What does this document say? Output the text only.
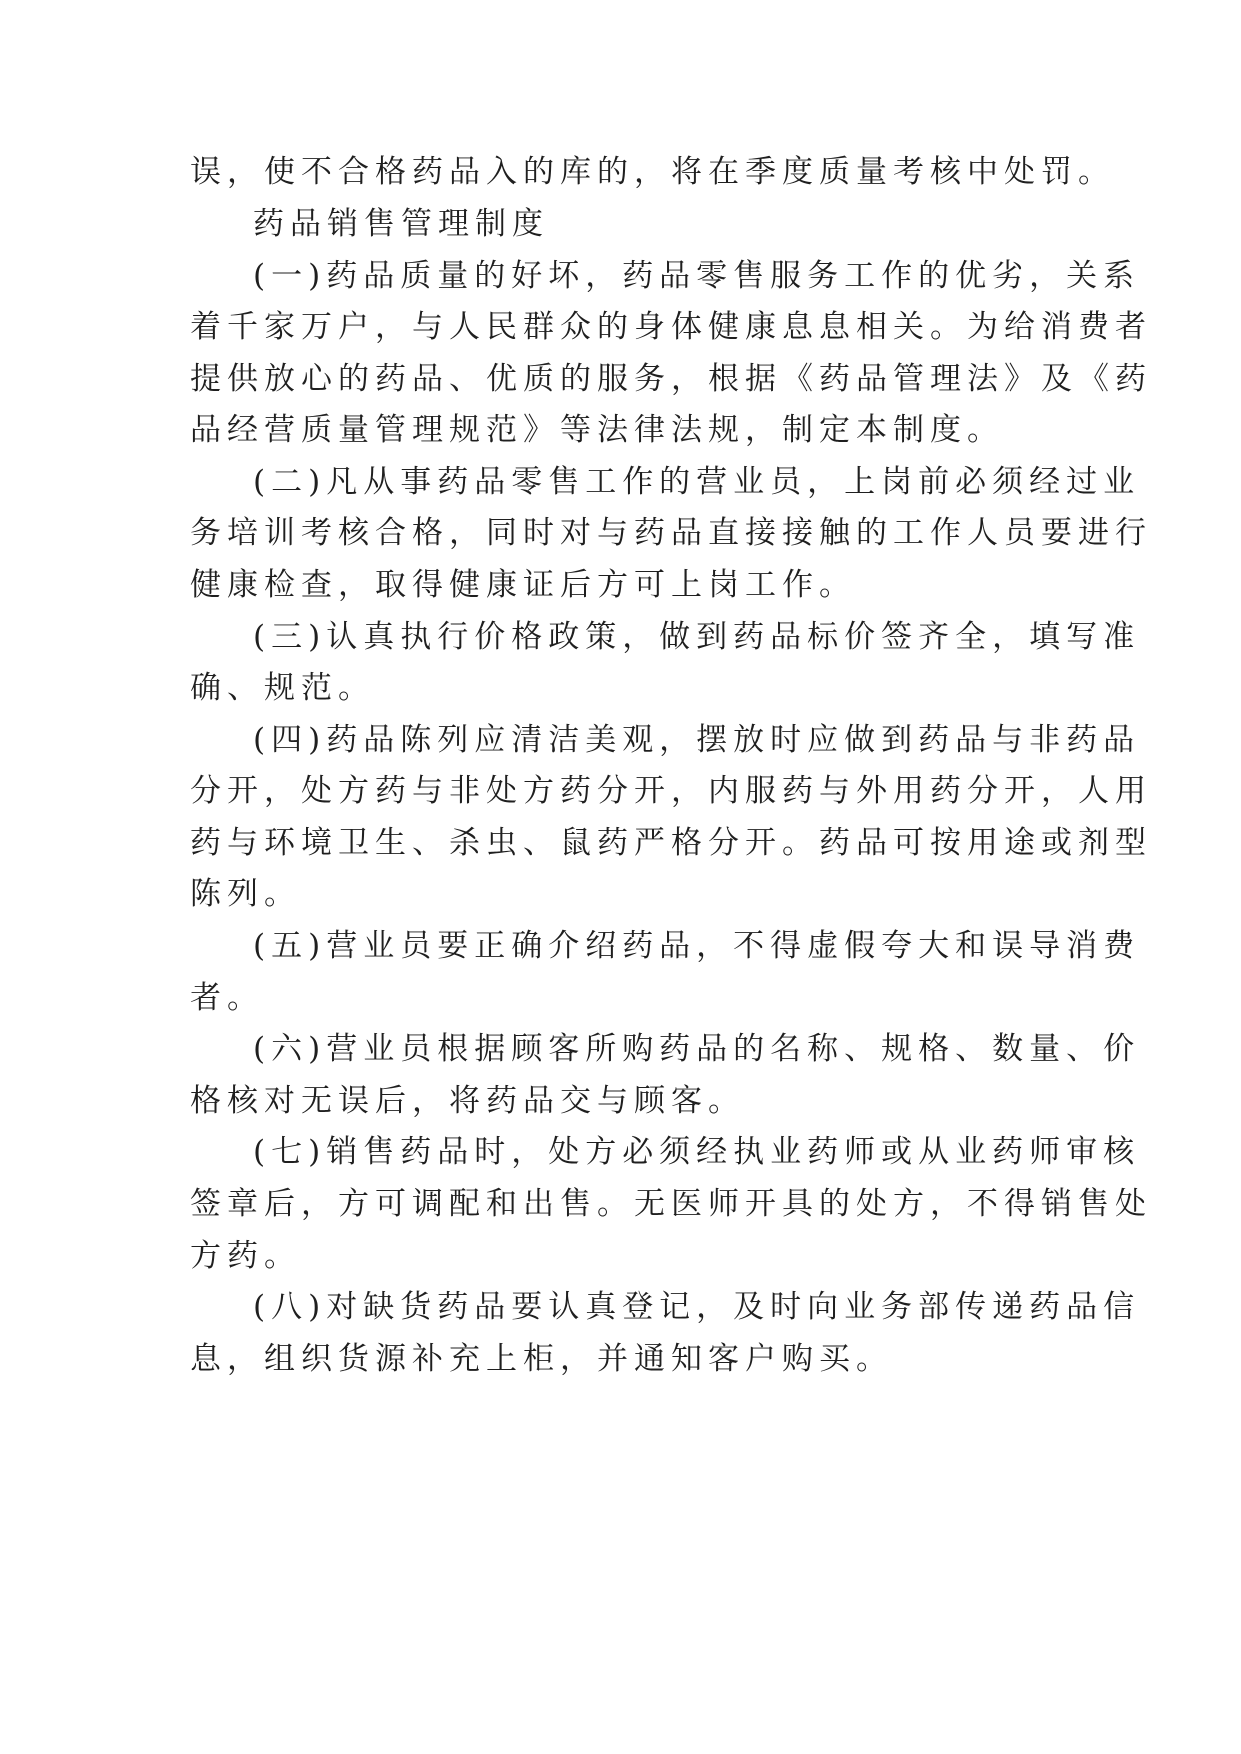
误，使不合格药品入的库的，将在季度质量考核中处罚。
药品销售管理制度
(一)药品质量的好坏，药品零售服务工作的优劣，关系
着千家万户，与人民群众的身体健康息息相关。为给消费者
提供放心的药品、优质的服务，根据《药品管理法》及《药
品经营质量管理规范》等法律法规，制定本制度。
(二)凡从事药品零售工作的营业员，上岗前必须经过业
务培训考核合格，同时对与药品直接接触的工作人员要进行
健康检查，取得健康证后方可上岗工作。
(三)认真执行价格政策，做到药品标价签齐全，填写准
确、规范。
(四)药品陈列应清洁美观，摆放时应做到药品与非药品
分开，处方药与非处方药分开，内服药与外用药分开，人用
药与环境卫生、杀虫、鼠药严格分开。药品可按用途或剂型
陈列。
(五)营业员要正确介绍药品，不得虚假夸大和误导消费
者。
(六)营业员根据顾客所购药品的名称、规格、数量、价
格核对无误后，将药品交与顾客。
(七)销售药品时，处方必须经执业药师或从业药师审核
签章后，方可调配和出售。无医师开具的处方，不得销售处
方药。
(八)对缺货药品要认真登记，及时向业务部传递药品信
息，组织货源补充上柜，并通知客户购买。
